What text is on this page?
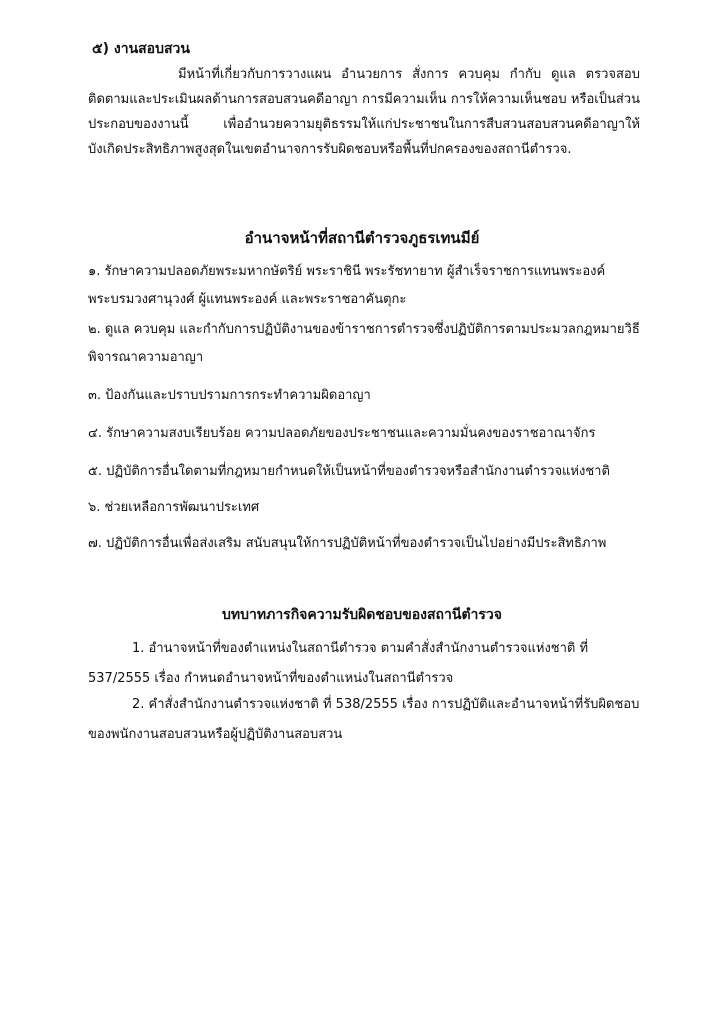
๕) งานสอบสวน
มีหน้าที่เกี่ยวกับการวางแผน อำนวยการ สั่งการ ควบคุม กำกับ ดูแล ตรวจสอบติดตามและประเมินผลด้านการสอบสวนคดีอาญา การมีความเห็น การให้ความเห็นชอบ หรือเป็นส่วนประกอบของงานนี้ เพื่ออำนวยความยุติธรรมให้แก่ประชาชนในการสืบสวนสอบสวนคดีอาญาให้บังเกิดประสิทธิภาพสูงสุดในเขตอำนาจการรับผิดชอบหรือพื้นที่ปกครองของสถานีตำรวจ.
อำนาจหน้าที่สถานีตำรวจภูธรเทนมีย์
๑. รักษาความปลอดภัยพระมหากษัตริย์ พระราชินี พระรัชทายาท ผู้สำเร็จราชการแทนพระองค์ พระบรมวงศานุวงศ์ ผู้แทนพระองค์ และพระราชอาคันตุกะ
๒. ดูแล ควบคุม และกำกับการปฏิบัติงานของข้าราชการตำรวจซึ่งปฏิบัติการตามประมวลกฎหมายวิธีพิจารณาความอาญา
๓. ป้องกันและปราบปรามการกระทำความผิดอาญา
๔. รักษาความสงบเรียบร้อย ความปลอดภัยของประชาชนและความมั่นคงของราชอาณาจักร
๕. ปฏิบัติการอื่นใดตามที่กฎหมายกำหนดให้เป็นหน้าที่ของตำรวจหรือสำนักงานตำรวจแห่งชาติ
๖. ช่วยเหลือการพัฒนาประเทศ
๗. ปฏิบัติการอื่นเพื่อส่งเสริม สนับสนุนให้การปฏิบัติหน้าที่ของตำรวจเป็นไปอย่างมีประสิทธิภาพ
บทบาทภารกิจความรับผิดชอบของสถานีตำรวจ
1. อำนาจหน้าที่ของตำแหน่งในสถานีตำรวจ ตามคำสั่งสำนักงานตำรวจแห่งชาติ ที่ 537/2555 เรื่อง กำหนดอำนาจหน้าที่ของตำแหน่งในสถานีตำรวจ
2. คำสั่งสำนักงานตำรวจแห่งชาติ ที่ 538/2555 เรื่อง การปฏิบัติและอำนาจหน้าที่รับผิดชอบของพนักงานสอบสวนหรือผู้ปฏิบัติงานสอบสวน
